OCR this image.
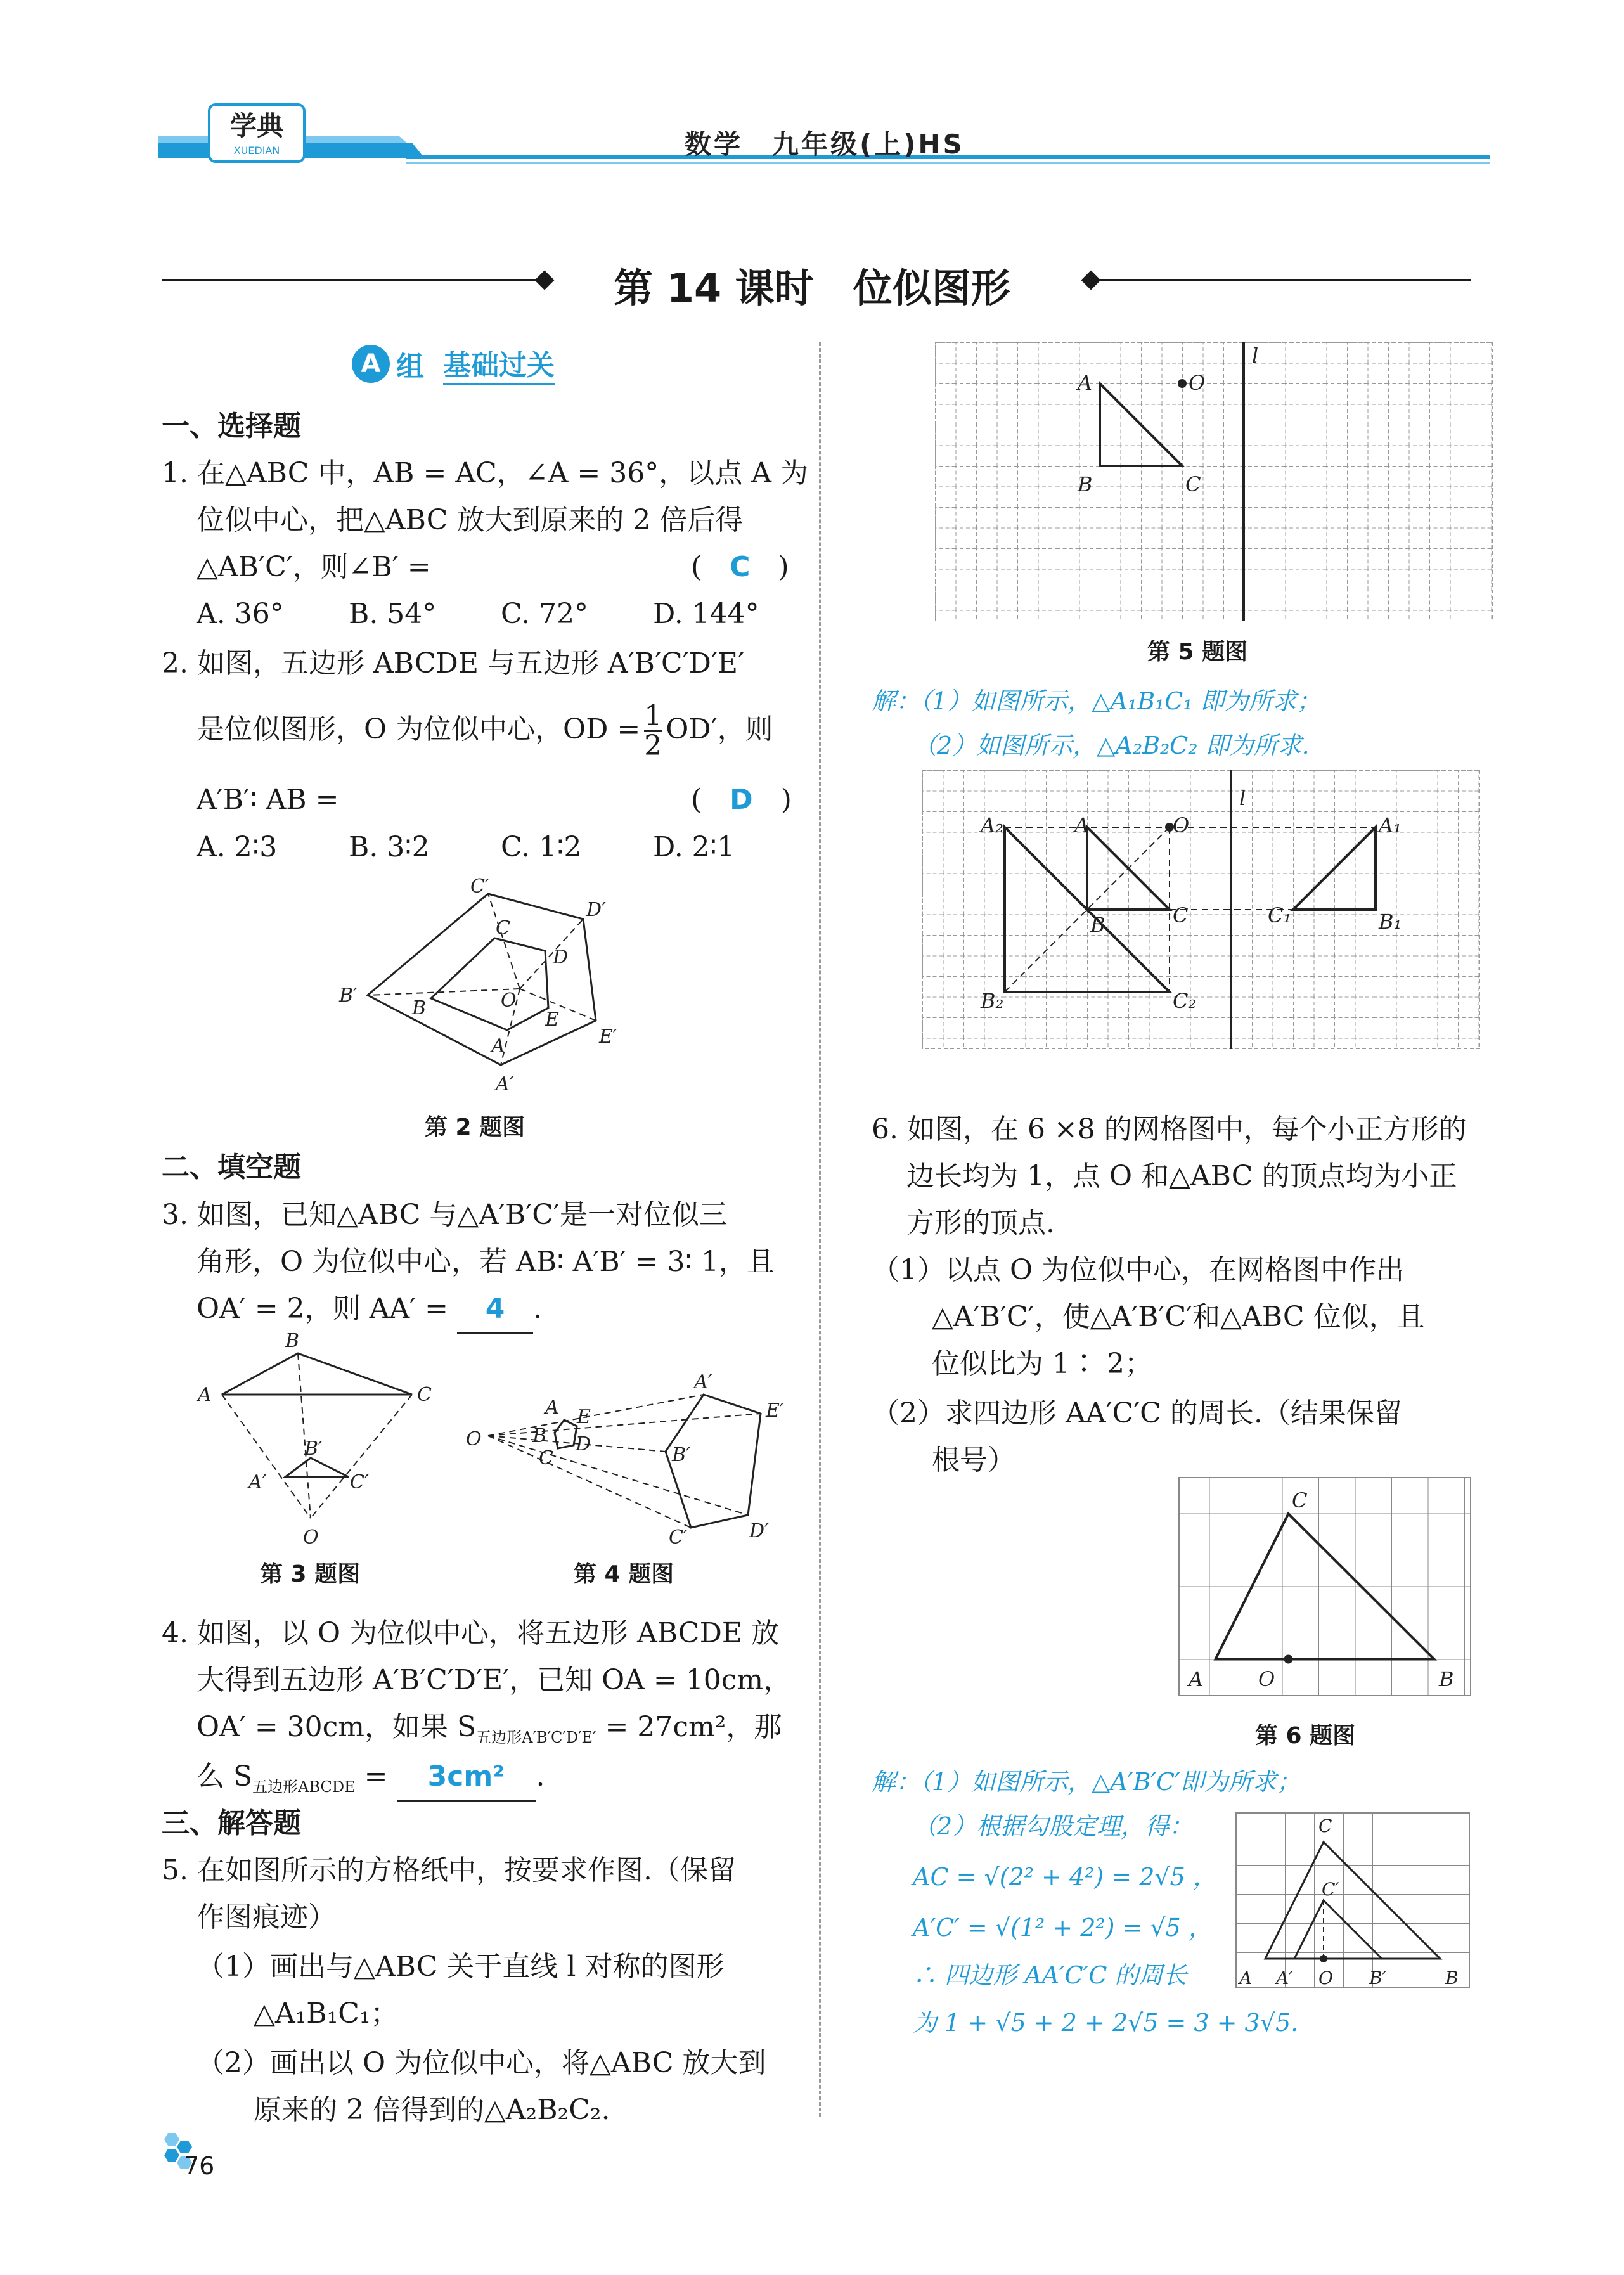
学典
XUEDIAN	数学　九年级(上)HS
第 14 课时　位似图形
A 组 基础过关
一、选择题
1. 在△ABC 中，AB = AC，∠A = 36°，以点 A 为
位似中心，把△ABC 放大到原来的 2 倍后得
△AB′C′，则∠B′ =	(　C　)
A. 36° B. 54° C. 72° D. 144°
2. 如图，五边形 ABCDE 与五边形 A′B′C′D′E′
是位似图形，O 为位似中心，OD = $\frac{1}{2} OD'$，则
A′B′∶ AB =	(　D　)
A. 2∶3	B. 3∶2	C. 1∶2	D. 2∶1
C′
C
D′
D
B′
B	O
E
E′
A
A′
第 2 题图
二、填空题
3. 如图，已知△ABC 与△A′B′C′是一对位似三
角形，O 为位似中心，若 AB∶ A′B′ = 3∶ 1，且
OA′ = 2，则 AA′ = 4 .
B
A	C
B′
A′	C′
O
第 3 题图
O
A E
B D
C
A′
E′
B′
C′	D′
第 4 题图
4. 如图，以 O 为位似中心，将五边形 ABCDE 放
大得到五边形 A′B′C′D′E′，已知 OA = 10cm，
OA′ = 30cm，如果 $S_{五边形A'B'C'D'E'} = 27cm^2$，那
么 $S_{五边形ABCDE} = 3cm^2$ .
三、解答题
5. 在如图所示的方格纸中，按要求作图.（保留
作图痕迹）
（1）画出与△ABC 关于直线 l 对称的图形
△A₁B₁C₁；
（2）画出以 O 为位似中心，将△ABC 放大到
原来的 2 倍得到的△A₂B₂C₂.
l
A	O
B	C
第 5 题图
解：（1）如图所示，△A₁B₁C₁ 即为所求；
（2）如图所示，△A₂B₂C₂ 即为所求.
l
A₂	A	O	A₁
C
B	C₁	B₁
B₂	C₂
6. 如图，在 6 ×8 的网格图中，每个小正方形的
边长均为 1，点 O 和△ABC 的顶点均为小正
方形的顶点.
（1）以点 O 为位似中心，在网格图中作出
△A′B′C′，使△A′B′C′和△ABC 位似，且
位似比为 1∶ 2；
（2）求四边形 AA′C′C 的周长.（结果保留
根号）
C
A	O	B
第 6 题图
解：（1）如图所示，△A′B′C′即为所求；
（2）根据勾股定理，得：
AC = √(2² + 4²) = 2√5 ，
A′C′ = √(1² + 2²) = √5 ，
∴ 四边形 AA′C′C 的周长
为 1 + √5 + 2 + 2√5 = 3 + 3√5.
C
C′
A A′ O B′	B
76
